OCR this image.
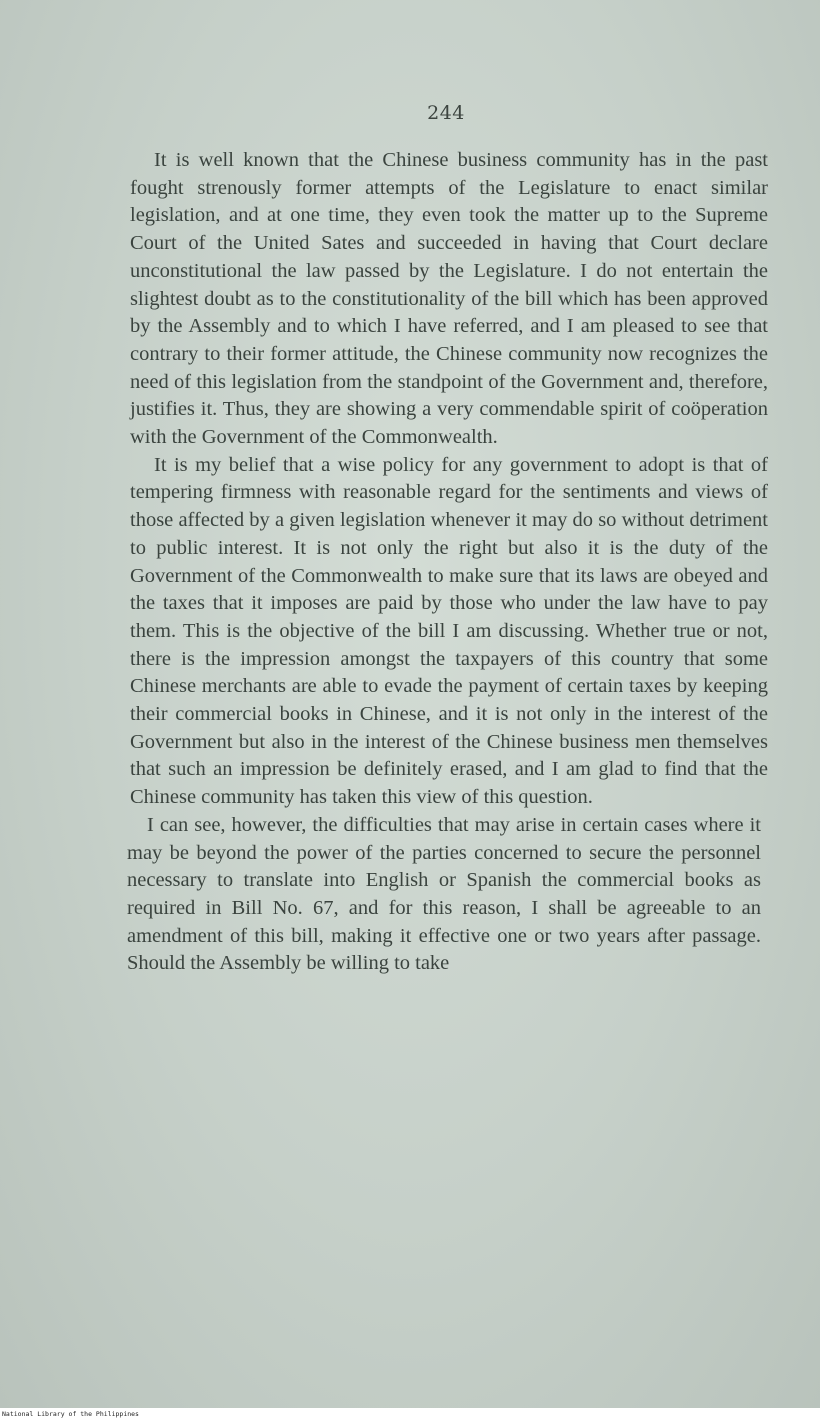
244

It is well known that the Chinese business community has in the past fought strenously former attempts of the Legislature to enact similar legislation, and at one time, they even took the matter up to the Supreme Court of the United Sates and succeeded in having that Court declare unconstitutional the law passed by the Legislature. I do not entertain the slightest doubt as to the constitutionality of the bill which has been approved by the Assembly and to which I have referred, and I am pleased to see that contrary to their former attitude, the Chinese community now recognizes the need of this legislation from the standpoint of the Government and, therefore, justifies it. Thus, they are showing a very commendable spirit of coöperation with the Government of the Commonwealth.

It is my belief that a wise policy for any government to adopt is that of tempering firmness with reasonable regard for the sentiments and views of those affected by a given legislation whenever it may do so without detriment to public interest. It is not only the right but also it is the duty of the Government of the Commonwealth to make sure that its laws are obeyed and the taxes that it imposes are paid by those who under the law have to pay them. This is the objective of the bill I am discussing. Whether true or not, there is the impression amongst the taxpayers of this country that some Chinese merchants are able to evade the payment of certain taxes by keeping their commercial books in Chinese, and it is not only in the interest of the Government but also in the interest of the Chinese business men themselves that such an impression be definitely erased, and I am glad to find that the Chinese community has taken this view of this question.

I can see, however, the difficulties that may arise in certain cases where it may be beyond the power of the parties concerned to secure the personnel necessary to translate into English or Spanish the commercial books as required in Bill No. 67, and for this reason, I shall be agreeable to an amendment of this bill, making it effective one or two years after passage. Should the Assembly be willing to take

National Library of the Philippines
